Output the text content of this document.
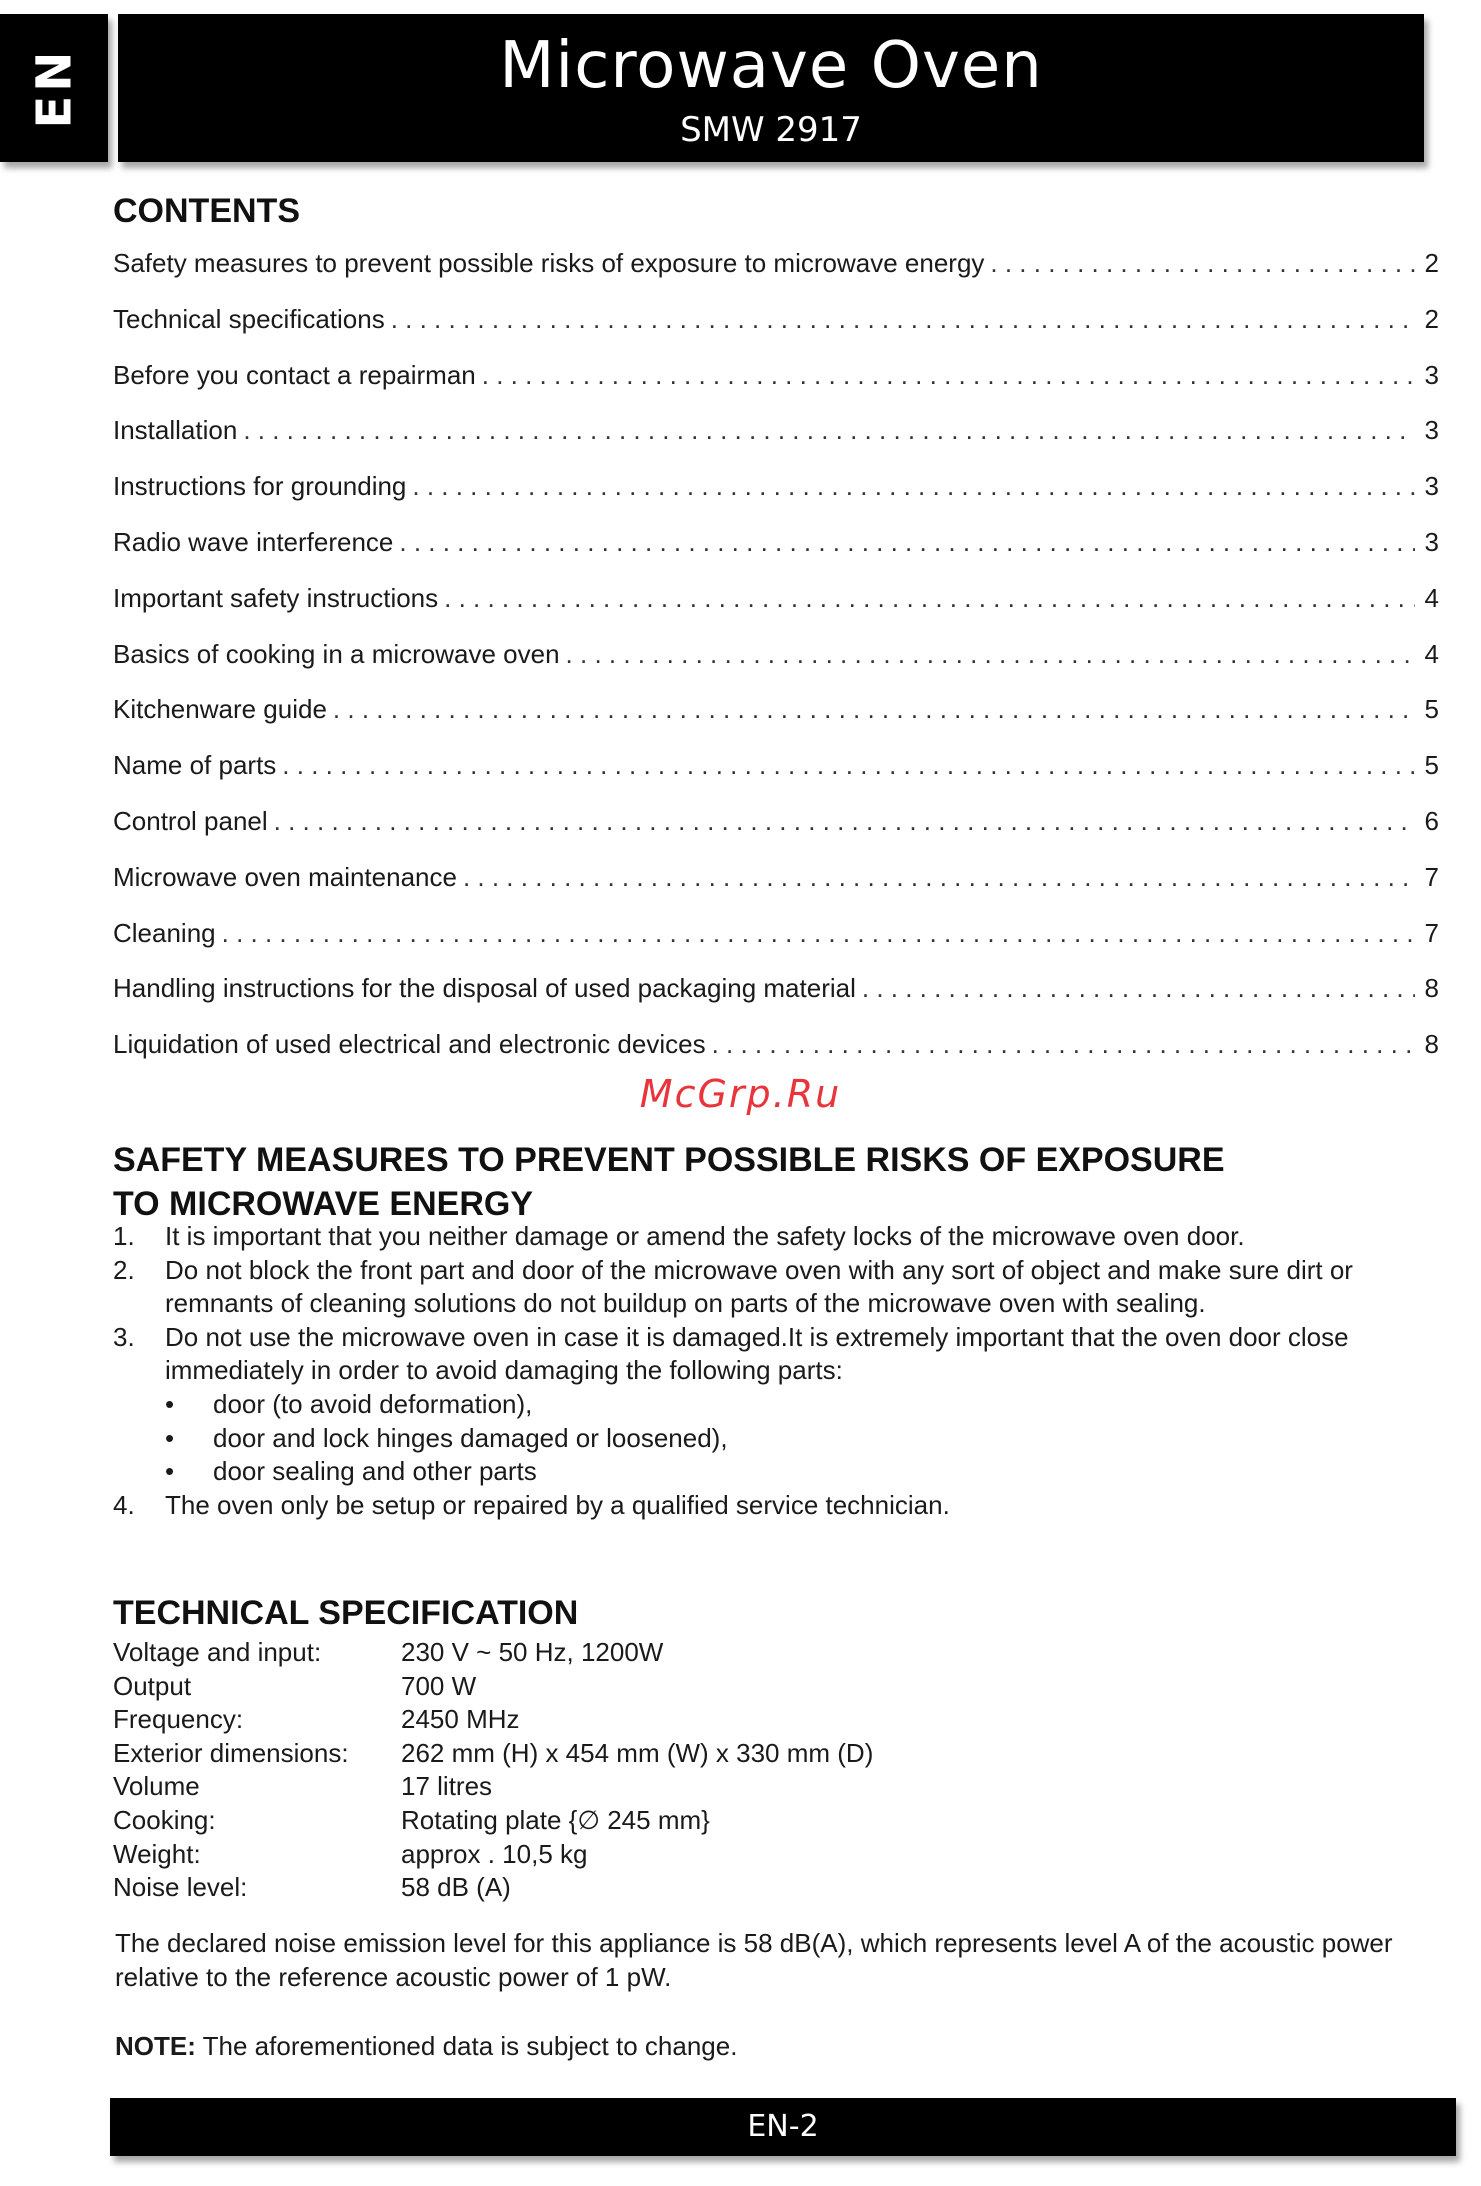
EN	Microwave Oven
SMW 2917
CONTENTS
Safety measures to prevent possible risks of exposure to microwave energy . . .	2
Technical specifications . . .	2
Before you contact a repairman . . .	3
Installation . . .	3
Instructions for grounding . . .	3
Radio wave interference . . .	3
Important safety instructions . . .	4
Basics of cooking in a microwave oven . . .	4
Kitchenware guide . . .	5
Name of parts . . .	5
Control panel . . .	6
Microwave oven maintenance . . .	7
Cleaning . . .	7
Handling instructions for the disposal of used packaging material . . .	8
Liquidation of used electrical and electronic devices . . .	8
SAFETY MEASURES TO PREVENT POSSIBLE RISKS OF EXPOSURE
TO MICROWAVE ENERGY
1.	It is important that you neither damage or amend the safety locks of the microwave oven door.
2.	Do not block the front part and door of the microwave oven with any sort of object and make sure dirt or remnants of cleaning solutions do not buildup on parts of the microwave oven with sealing.
3.	Do not use the microwave oven in case it is damaged.It is extremely important that the oven door close immediately in order to avoid damaging the following parts:
•	door (to avoid deformation),
•	door and lock hinges damaged or loosened),
•	door sealing and other parts
4.	The oven only be setup or repaired by a qualified service technician.
TECHNICAL SPECIFICATION
Voltage and input:	230 V ~ 50 Hz, 1200W
Output	700 W
Frequency:	2450 MHz
Exterior dimensions:	262 mm (H) x 454 mm (W) x 330 mm (D)
Volume	17 litres
Cooking:	Rotating plate {∅ 245 mm}
Weight:	approx . 10,5 kg
Noise level:	58 dB (A)
The declared noise emission level for this appliance is 58 dB(A), which represents level A of the acoustic power relative to the reference acoustic power of 1 pW.
NOTE: The aforementioned data is subject to change.
McGrp.Ru
EN-2
